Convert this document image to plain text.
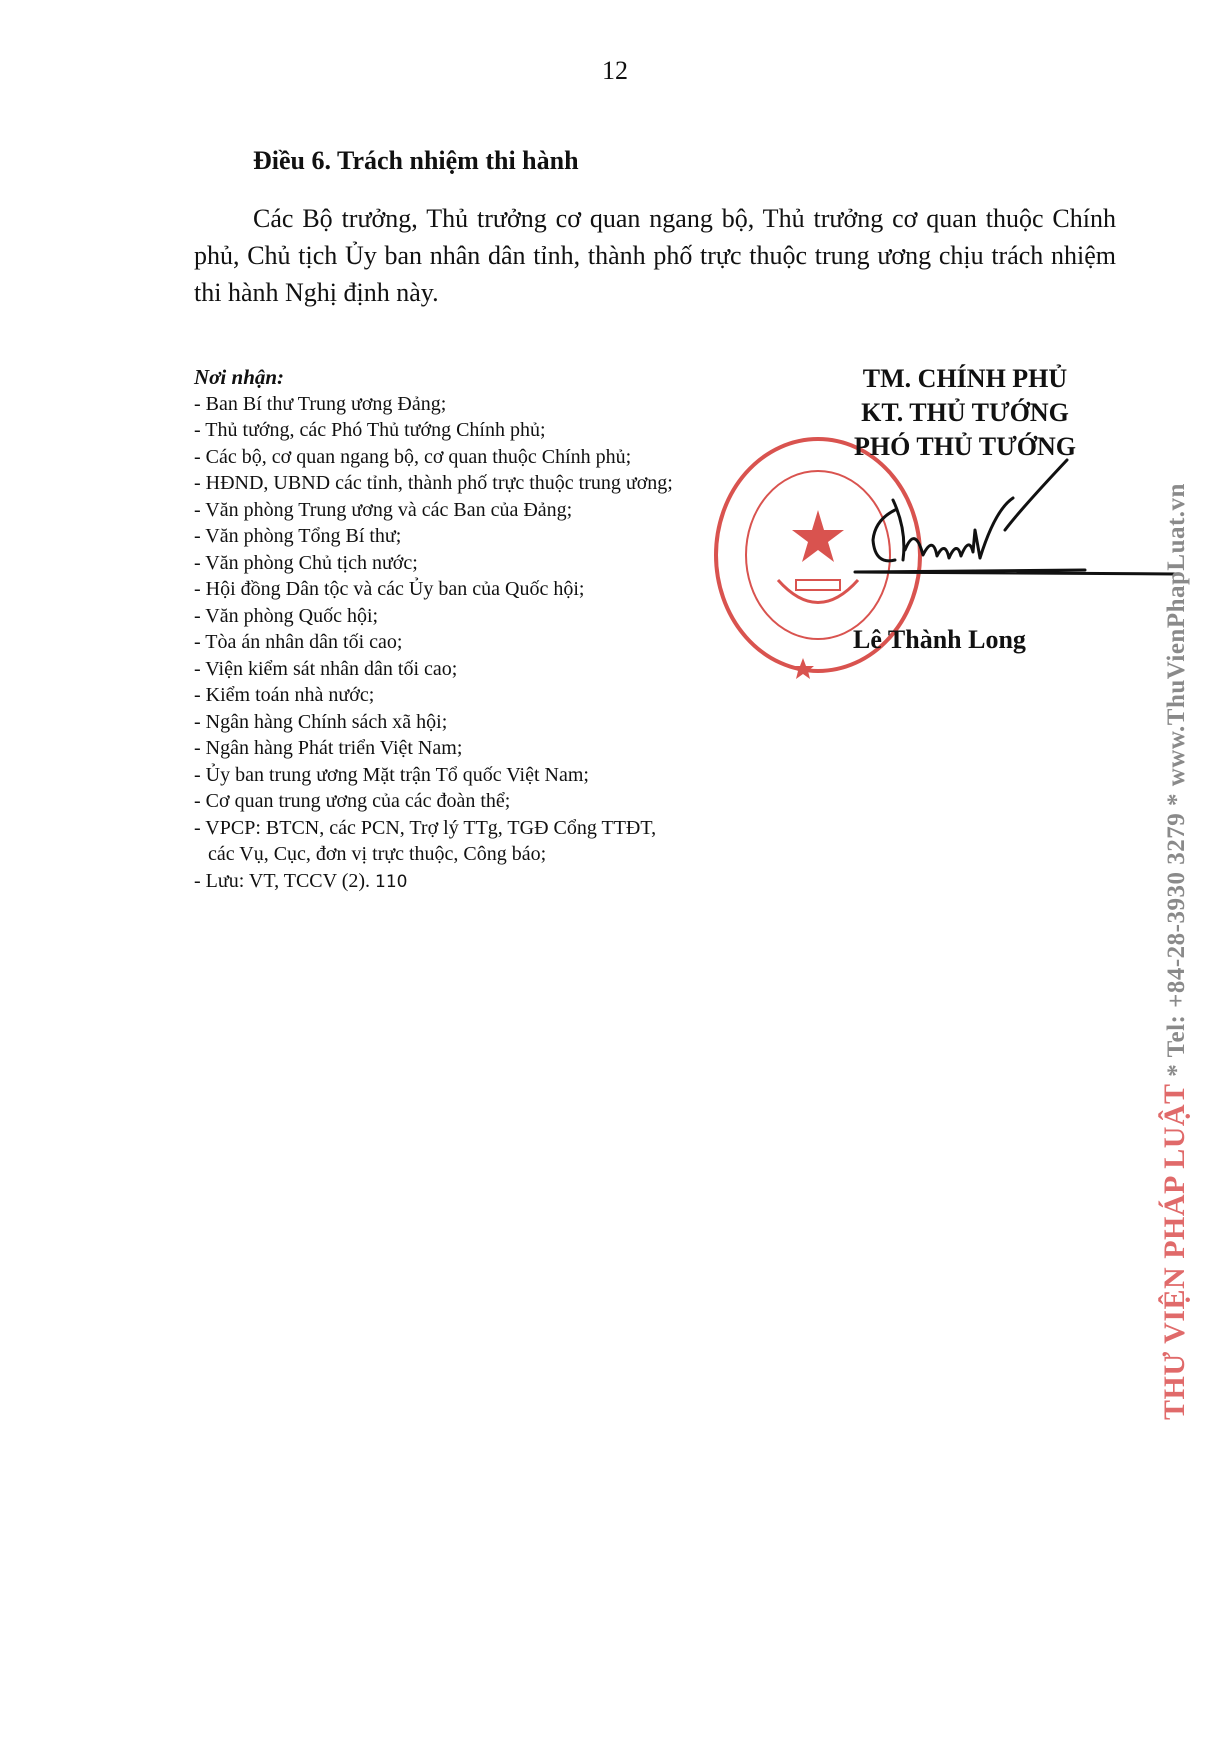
12
Điều 6. Trách nhiệm thi hành

Các Bộ trưởng, Thủ trưởng cơ quan ngang bộ, Thủ trưởng cơ quan thuộc Chính phủ, Chủ tịch Ủy ban nhân dân tỉnh, thành phố trực thuộc trung ương chịu trách nhiệm thi hành Nghị định này.

Nơi nhận:
- Ban Bí thư Trung ương Đảng;
- Thủ tướng, các Phó Thủ tướng Chính phủ;
- Các bộ, cơ quan ngang bộ, cơ quan thuộc Chính phủ;
- HĐND, UBND các tỉnh, thành phố trực thuộc trung ương;
- Văn phòng Trung ương và các Ban của Đảng;
- Văn phòng Tổng Bí thư;
- Văn phòng Chủ tịch nước;
- Hội đồng Dân tộc và các Ủy ban của Quốc hội;
- Văn phòng Quốc hội;
- Tòa án nhân dân tối cao;
- Viện kiểm sát nhân dân tối cao;
- Kiểm toán nhà nước;
- Ngân hàng Chính sách xã hội;
- Ngân hàng Phát triển Việt Nam;
- Ủy ban trung ương Mặt trận Tổ quốc Việt Nam;
- Cơ quan trung ương của các đoàn thể;
- VPCP: BTCN, các PCN, Trợ lý TTg, TGĐ Cổng TTĐT,
các Vụ, Cục, đơn vị trực thuộc, Công báo;
- Lưu: VT, TCCV (2). 110
TM. CHÍNH PHỦ
KT. THỦ TƯỚNG
PHÓ THỦ TƯỚNG
Lê Thành Long
THƯ VIỆN PHÁP LUẬT * Tel: +84-28-3930 3279 * www.ThuVienPhapLuat.vn
